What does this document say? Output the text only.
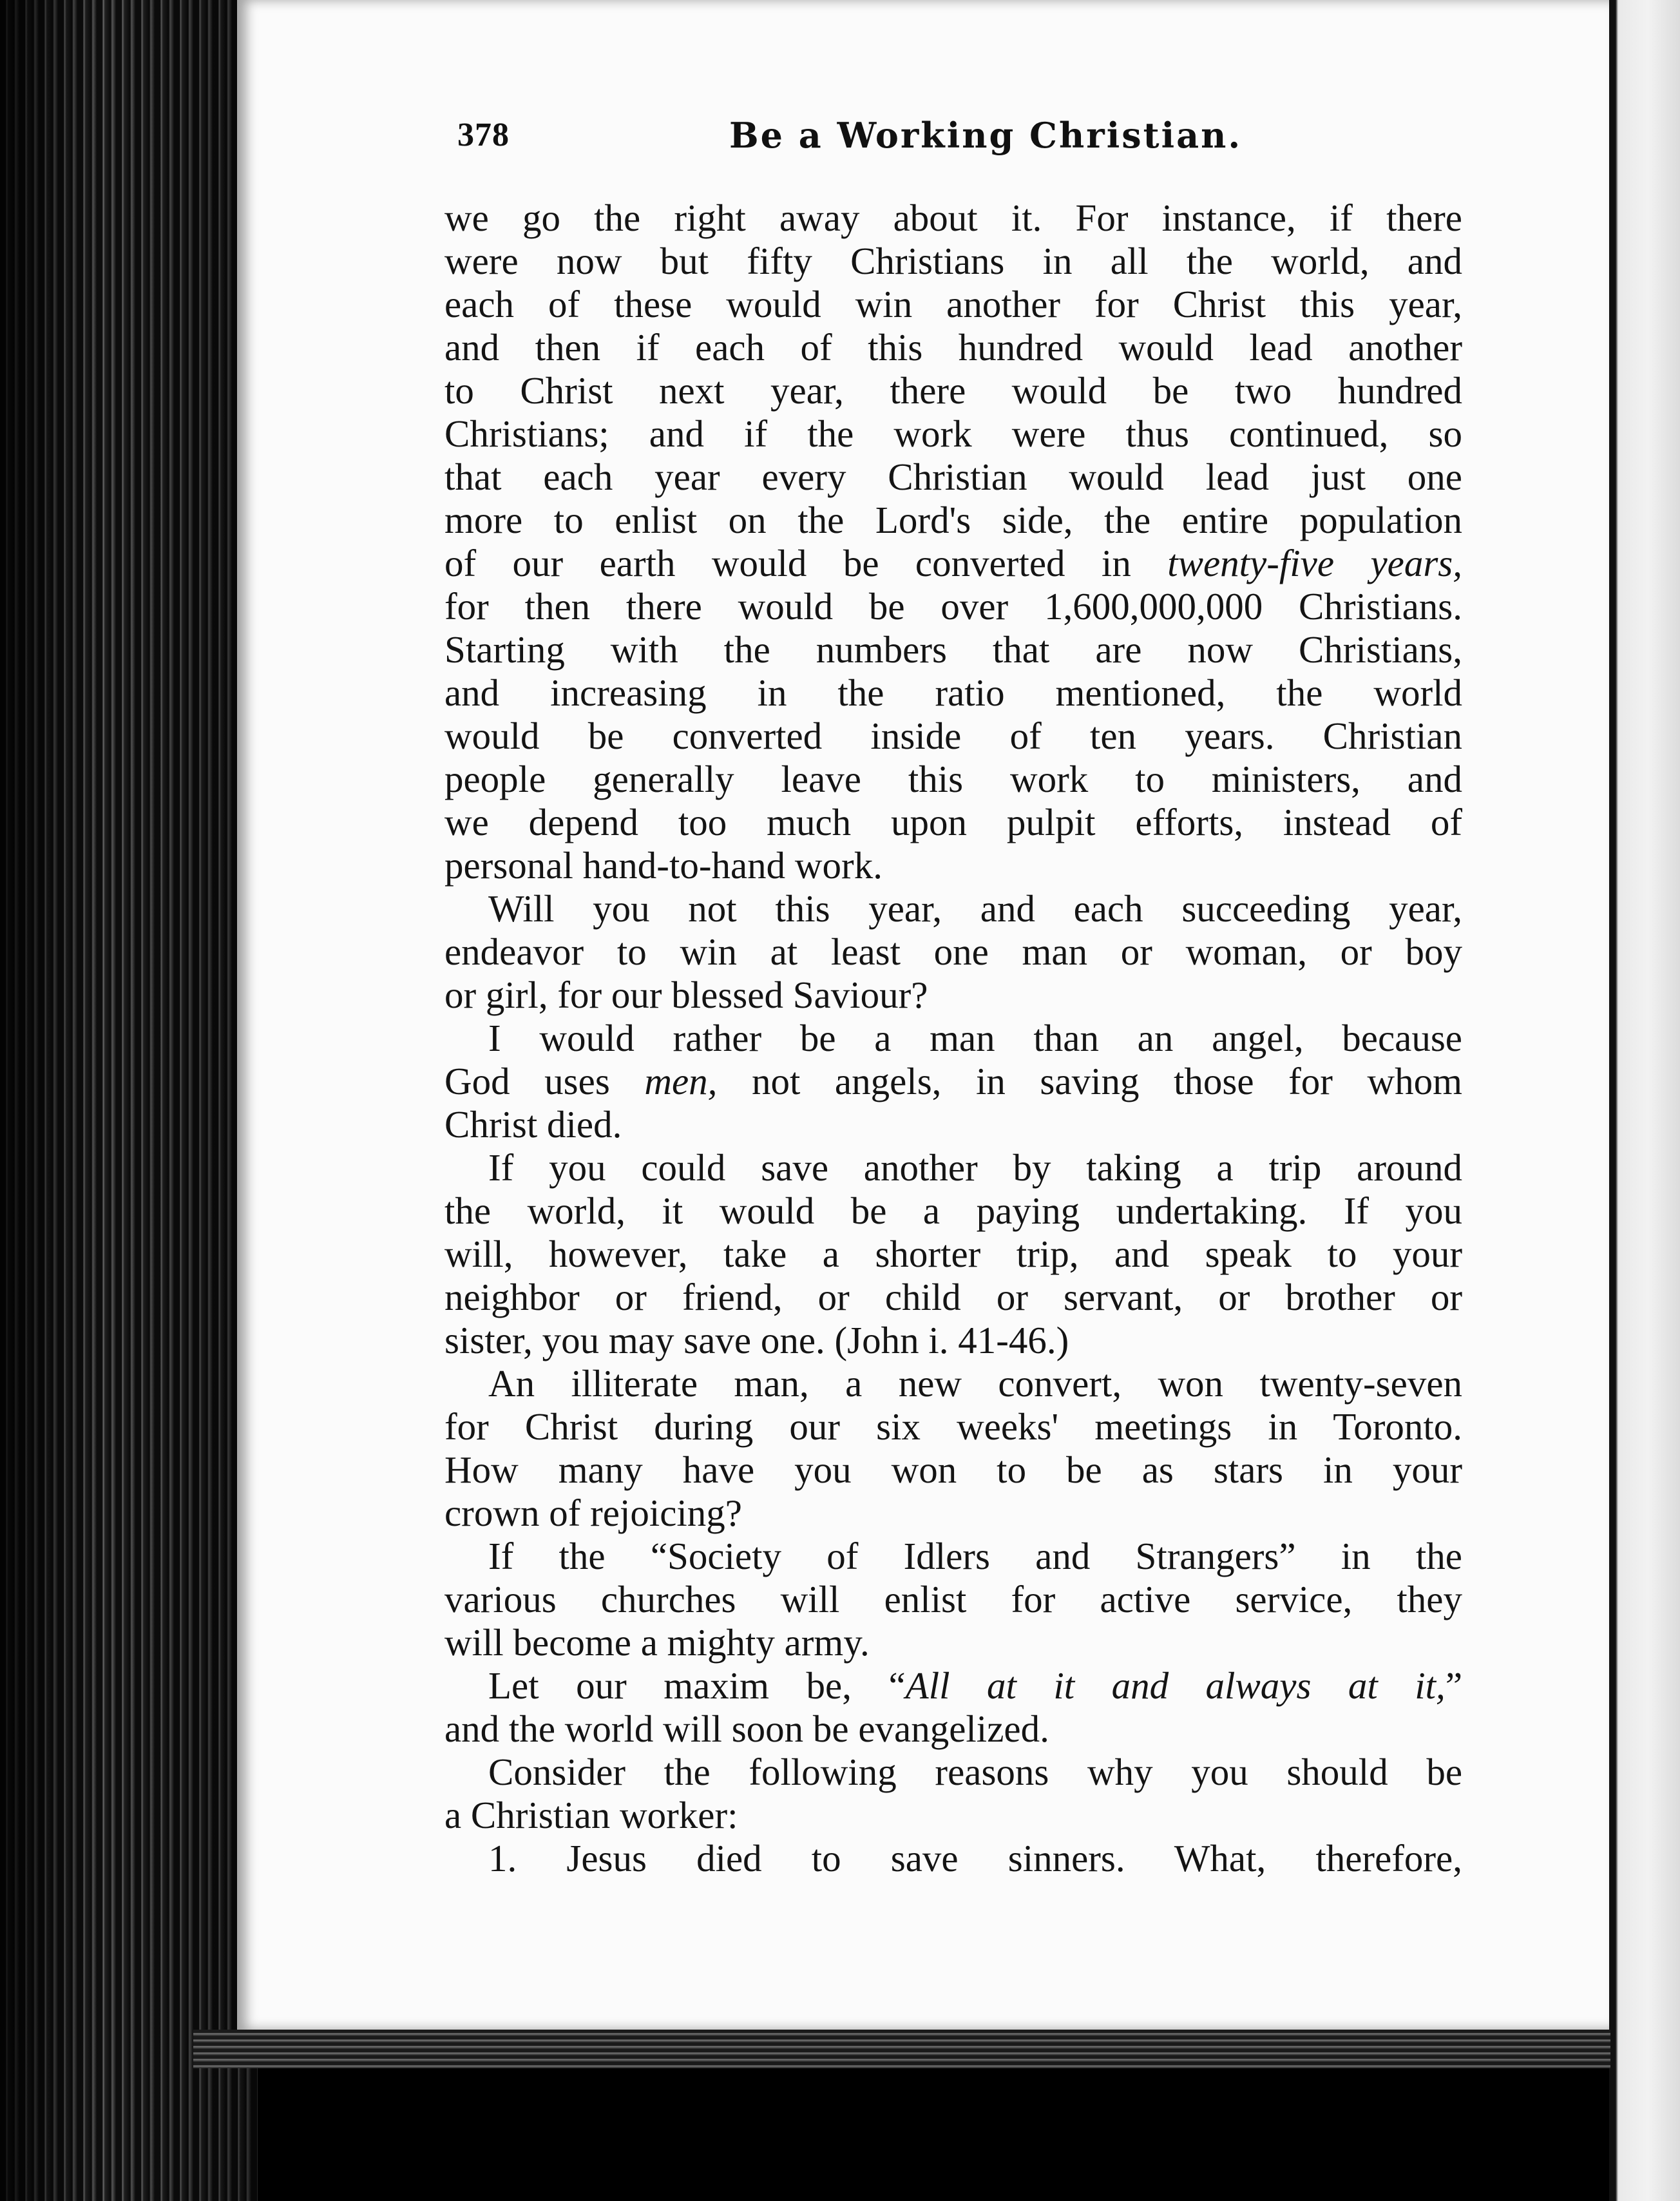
378	Be a Working Christian.

we go the right away about it. For instance, if there
were now but fifty Christians in all the world, and
each of these would win another for Christ this year,
and then if each of this hundred would lead another
to Christ next year, there would be two hundred
Christians; and if the work were thus continued, so
that each year every Christian would lead just one
more to enlist on the Lord's side, the entire population
of our earth would be converted in twenty-five years,
for then there would be over 1,600,000,000 Christians.
Starting with the numbers that are now Christians,
and increasing in the ratio mentioned, the world
would be converted inside of ten years. Christian
people generally leave this work to ministers, and
we depend too much upon pulpit efforts, instead of
personal hand-to-hand work.

Will you not this year, and each succeeding year,
endeavor to win at least one man or woman, or boy
or girl, for our blessed Saviour?

I would rather be a man than an angel, because
God uses men, not angels, in saving those for whom
Christ died.

If you could save another by taking a trip around
the world, it would be a paying undertaking. If you
will, however, take a shorter trip, and speak to your
neighbor or friend, or child or servant, or brother or
sister, you may save one. (John i. 41-46.)

An illiterate man, a new convert, won twenty-seven
for Christ during our six weeks' meetings in Toronto.
How many have you won to be as stars in your
crown of rejoicing?

If the “Society of Idlers and Strangers” in the
various churches will enlist for active service, they
will become a mighty army.

Let our maxim be, “All at it and always at it,”
and the world will soon be evangelized.

Consider the following reasons why you should be
a Christian worker:

1. Jesus died to save sinners. What, therefore,
